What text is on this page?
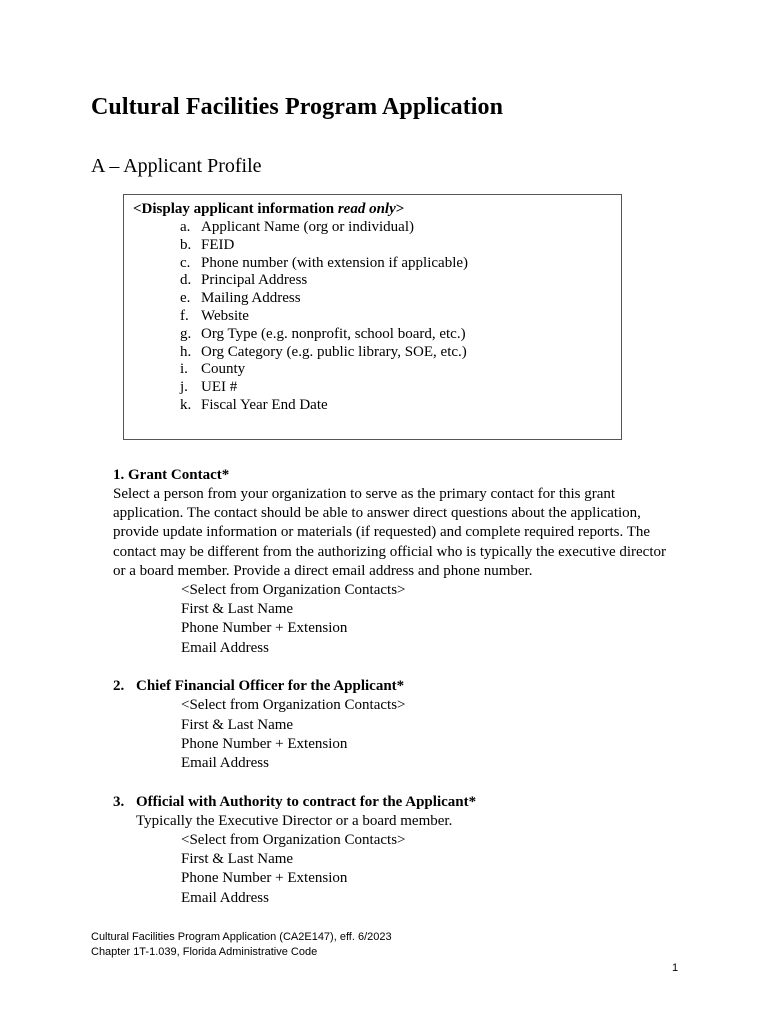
Cultural Facilities Program Application
A – Applicant Profile
<Display applicant information read only>
a. Applicant Name (org or individual)
b. FEID
c. Phone number (with extension if applicable)
d. Principal Address
e. Mailing Address
f. Website
g. Org Type (e.g. nonprofit, school board, etc.)
h. Org Category (e.g. public library, SOE, etc.)
i. County
j. UEI #
k. Fiscal Year End Date
1. Grant Contact*
Select a person from your organization to serve as the primary contact for this grant
application. The contact should be able to answer direct questions about the application,
provide update information or materials (if requested) and complete required reports. The
contact may be different from the authorizing official who is typically the executive director
or a board member. Provide a direct email address and phone number.
<Select from Organization Contacts>
First & Last Name
Phone Number + Extension
Email Address
2. Chief Financial Officer for the Applicant*
<Select from Organization Contacts>
First & Last Name
Phone Number + Extension
Email Address
3. Official with Authority to contract for the Applicant*
Typically the Executive Director or a board member.
<Select from Organization Contacts>
First & Last Name
Phone Number + Extension
Email Address
Cultural Facilities Program Application (CA2E147), eff. 6/2023
Chapter 1T-1.039, Florida Administrative Code
1
